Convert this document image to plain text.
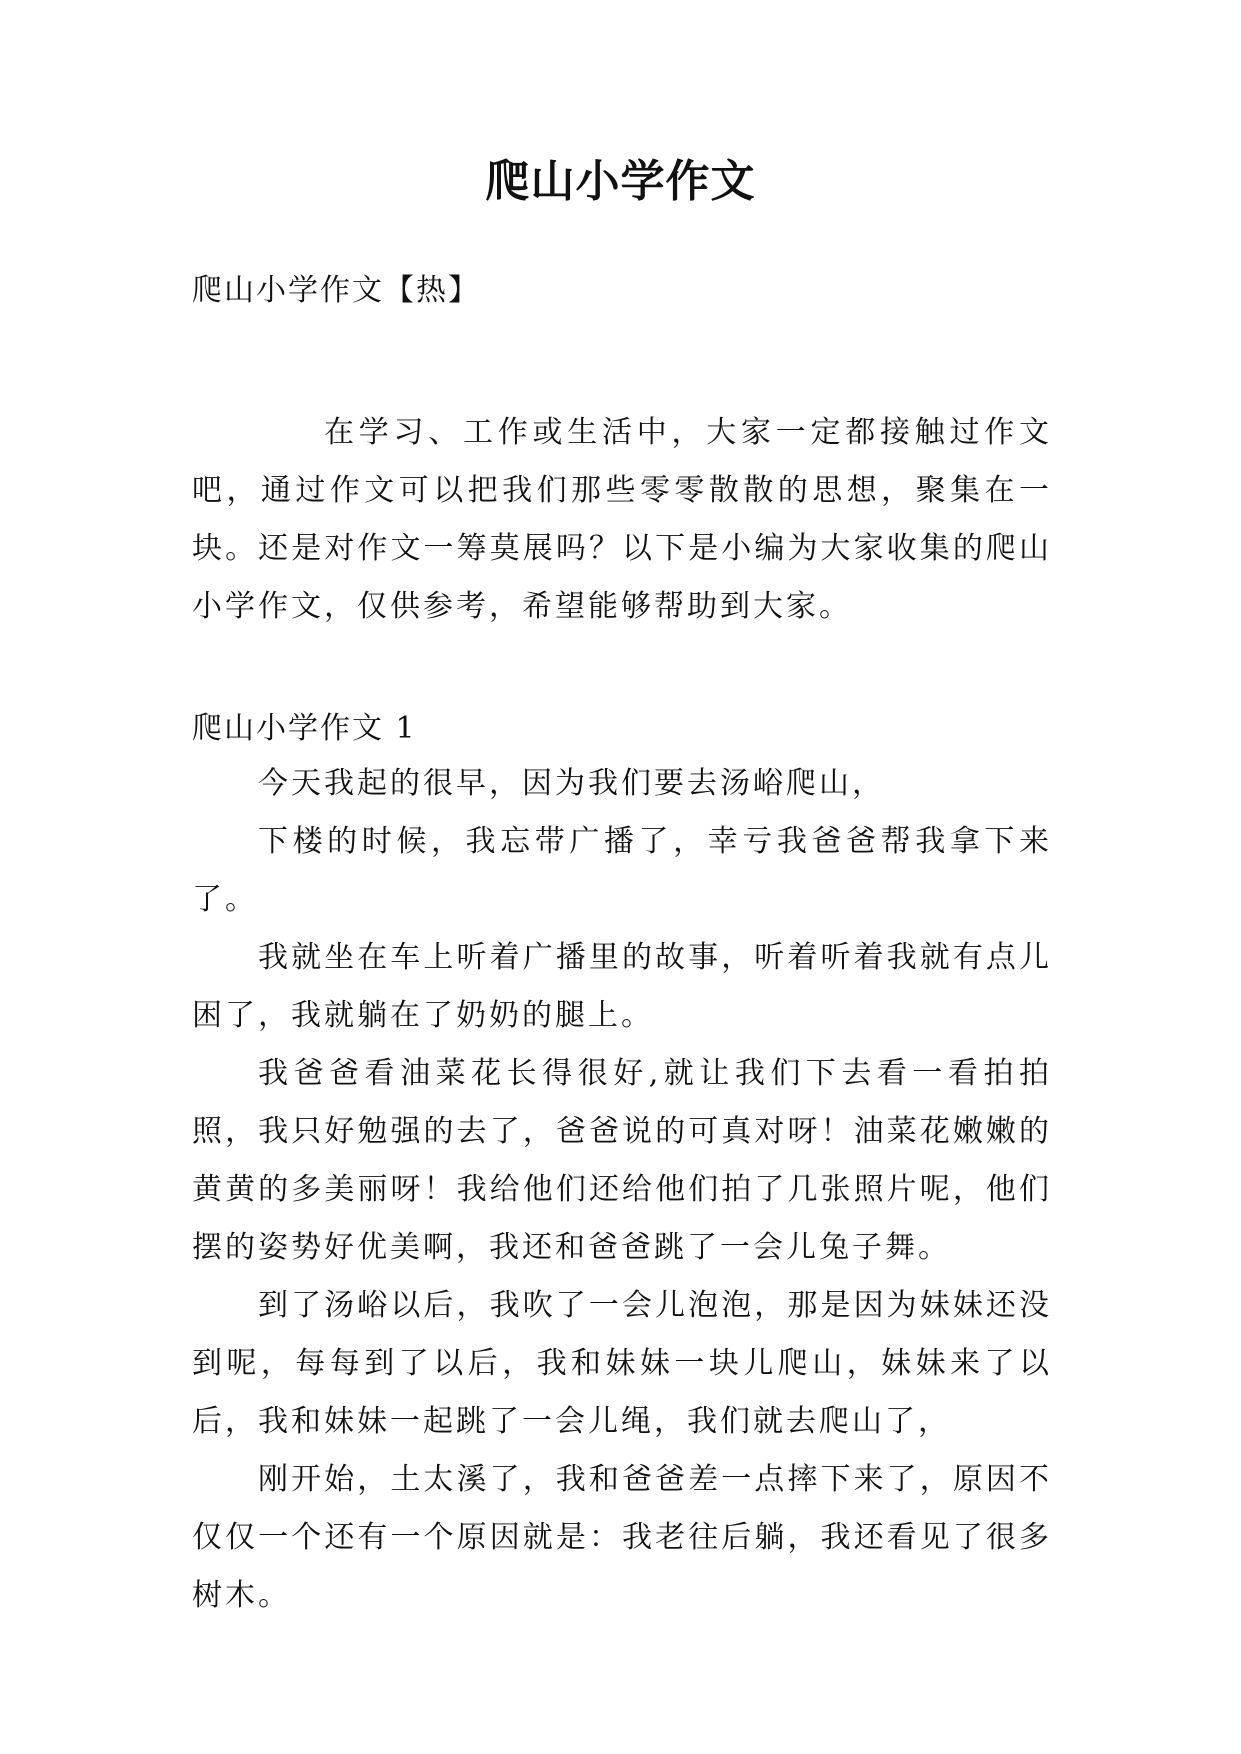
爬山小学作文
爬山小学作文【热】
在学习、工作或生活中，大家一定都接触过作文吧，通过作文可以把我们那些零零散散的思想，聚集在一块。还是对作文一筹莫展吗？以下是小编为大家收集的爬山小学作文，仅供参考，希望能够帮助到大家。
爬山小学作文 1

今天我起的很早，因为我们要去汤峪爬山，

下楼的时候，我忘带广播了，幸亏我爸爸帮我拿下来了。

我就坐在车上听着广播里的故事，听着听着我就有点儿困了，我就躺在了奶奶的腿上。

我爸爸看油菜花长得很好,就让我们下去看一看拍拍照，我只好勉强的去了，爸爸说的可真对呀！油菜花嫩嫩的黄黄的多美丽呀！我给他们还给他们拍了几张照片呢，他们摆的姿势好优美啊，我还和爸爸跳了一会儿兔子舞。

到了汤峪以后，我吹了一会儿泡泡，那是因为妹妹还没到呢，每每到了以后，我和妹妹一块儿爬山，妹妹来了以后，我和妹妹一起跳了一会儿绳，我们就去爬山了，

刚开始，土太溪了，我和爸爸差一点摔下来了，原因不仅仅一个还有一个原因就是：我老往后躺，我还看见了很多树木。
